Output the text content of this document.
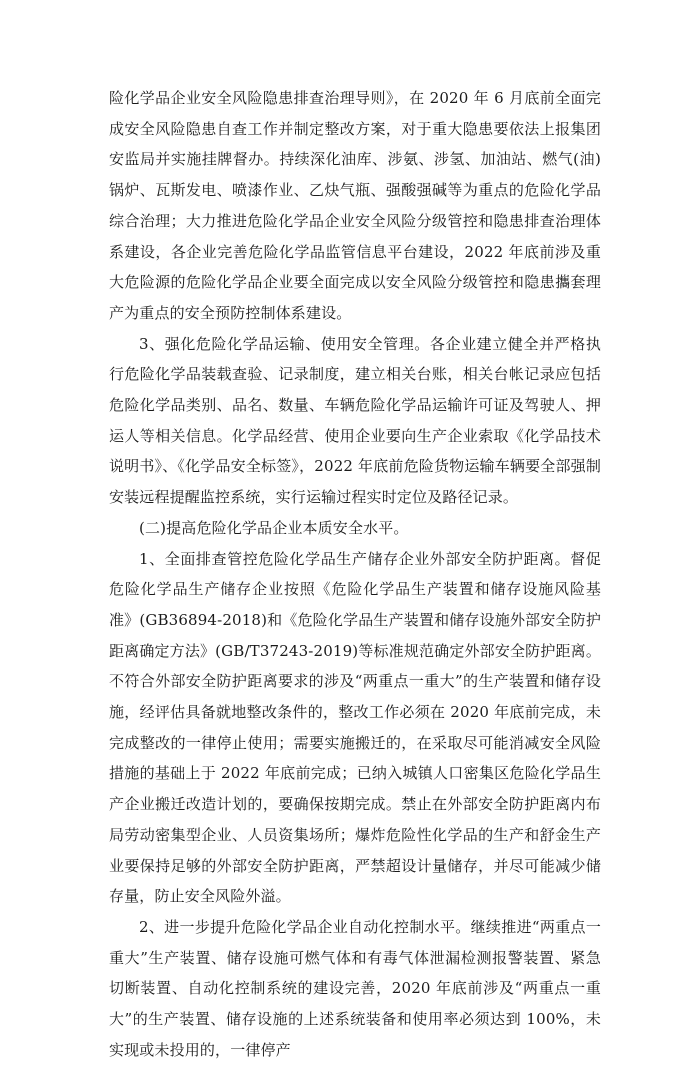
险化学品企业安全风险隐患排查治理导则》，在 2020 年 6 月底前全面完成安全风险隐患自查工作并制定整改方案，对于重大隐患要依法上报集团安监局并实施挂牌督办。持续深化油库、涉氨、涉氢、加油站、燃气(油)锅炉、瓦斯发电、喷漆作业、乙炔气瓶、强酸强碱等为重点的危险化学品综合治理；大力推进危险化学品企业安全风险分级管控和隐患排查治理体系建设，各企业完善危险化学品监管信息平台建设，2022 年底前涉及重大危险源的危险化学品企业要全面完成以安全风险分级管控和隐患攜套理产为重点的安全预防控制体系建设。

3、强化危险化学品运输、使用安全管理。各企业建立健全并严格执行危险化学品装载查验、记录制度，建立相关台账，相关台帐记录应包括危险化学品类别、品名、数量、车辆危险化学品运输许可证及驾驶人、押运人等相关信息。化学品经营、使用企业要向生产企业索取《化学品技术说明书》、《化学品安全标签》，2022 年底前危险货物运输车辆要全部强制安装远程提醒监控系统，实行运输过程实时定位及路径记录。

(二)提高危险化学品企业本质安全水平。

1、全面排查管控危险化学品生产储存企业外部安全防护距离。督促危险化学品生产储存企业按照《危险化学品生产装置和储存设施风险基准》(GB36894-2018)和《危险化学品生产装置和储存设施外部安全防护距离确定方法》(GB/T37243-2019)等标准规范确定外部安全防护距离。不符合外部安全防护距离要求的涉及“两重点一重大”的生产装置和储存设施，经评估具备就地整改条件的，整改工作必须在 2020 年底前完成，未完成整改的一律停止使用；需要实施搬迁的，在采取尽可能消减安全风险措施的基础上于 2022 年底前完成；已纳入城镇人口密集区危险化学品生产企业搬迁改造计划的，要确保按期完成。禁止在外部安全防护距离内布局劳动密集型企业、人员资集场所；爆炸危险性化学品的生产和舒金生产业要保持足够的外部安全防护距离，严禁超设计量储存，并尽可能减少储存量，防止安全风险外溢。

2、进一步提升危险化学品企业自动化控制水平。继续推进“两重点一重大”生产装置、储存设施可燃气体和有毒气体泄漏检测报警装置、紧急切断装置、自动化控制系统的建设完善，2020 年底前涉及“两重点一重大”的生产装置、储存设施的上述系统装备和使用率必须达到 100%，未实现或未投用的，一律停产
